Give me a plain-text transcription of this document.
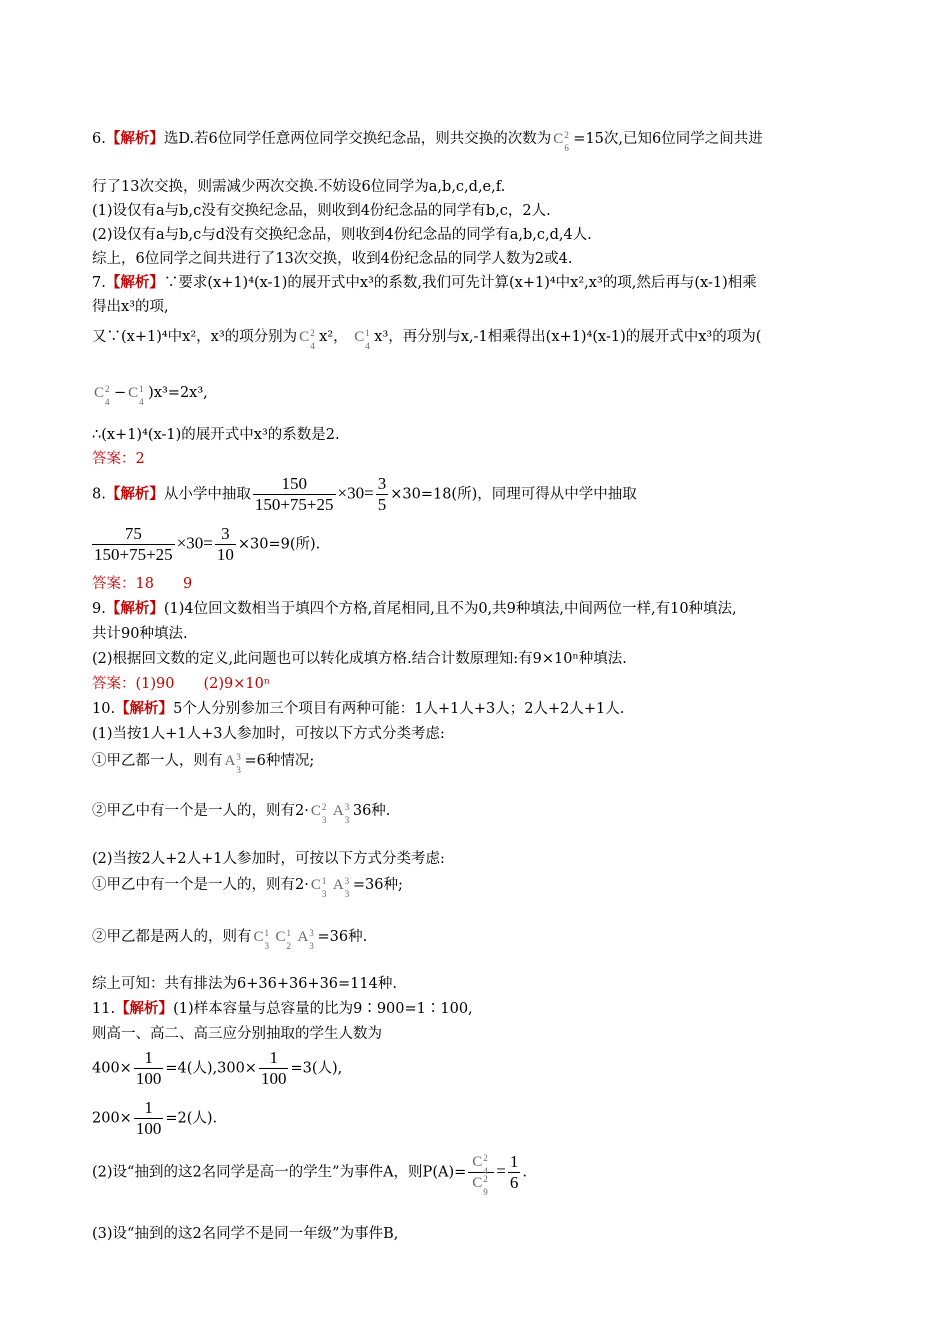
6.【解析】选D.若6位同学任意两位同学交换纪念品，则共交换的次数为 C 2
6
=15次,已知6位同学之间共进
行了13次交换，则需减少两次交换.不妨设6位同学为a,b,c,d,e,f.
(1)设仅有a与b,c没有交换纪念品，则收到4份纪念品的同学有b,c，2人.
(2)设仅有a与b,c与d没有交换纪念品，则收到4份纪念品的同学有a,b,c,d,4人.
综上，6位同学之间共进行了13次交换，收到4份纪念品的同学人数为2或4.
7.【解析】∵要求(x+1)⁴(x-1)的展开式中x³的系数,我们可先计算(x+1)⁴中x²,x³的项,然后再与(x-1)相乘
得出x³的项,
又∵(x+1)⁴中x²，x³的项分别为 C 2
4
x²， C 1
4
x³，再分别与x,-1相乘得出(x+1)⁴(x-1)的展开式中x³的项为(
C 2
4
− C 1
4
)x³=2x³,
∴(x+1)⁴(x-1)的展开式中x³的系数是2.
答案：2
8.【解析】从小学中抽取 $\frac{150}{150+75+25} \times 30= \frac{3}{5} \times 30=18$(所)，同理可得从中学中抽取
$\frac{75}{150+75+25} \times 30= \frac{3}{10} \times 30=9$(所).
答案：18　　9
9.【解析】(1)4位回文数相当于填四个方格,首尾相同,且不为0,共9种填法,中间两位一样,有10种填法,
共计90种填法.
(2)根据回文数的定义,此问题也可以转化成填方格.结合计数原理知:有9×10ⁿ种填法.
答案：(1)90　　(2)9×10ⁿ
10.【解析】5个人分别参加三个项目有两种可能：1人+1人+3人；2人+2人+1人.
(1)当按1人+1人+3人参加时，可按以下方式分类考虑:
①甲乙都一人，则有 A 3
3
=6种情况;
②甲乙中有一个是一人的，则有2· C 2
3
A 3
3
36种.
(2)当按2人+2人+1人参加时，可按以下方式分类考虑:
①甲乙中有一个是一人的，则有2· C 1
3
A 3
3
=36种;
②甲乙都是两人的，则有 C 1
3
C 1
2
A 3
3
=36种.
综上可知：共有排法为6+36+36+36=114种.
11.【解析】(1)样本容量与总容量的比为9∶900=1∶100,
则高一、高二、高三应分别抽取的学生人数为
$400\times \frac{1}{100} =4$(人)$,300\times \frac{1}{100} =3$(人),
$200\times \frac{1}{100} =2$(人).
(2)设“抽到的这2名同学是高一的学生”为事件A，则P(A)= C 2
4
C 2
$9 = \frac{1}{6}$ .
(3)设“抽到的这2名同学不是同一年级”为事件B,
